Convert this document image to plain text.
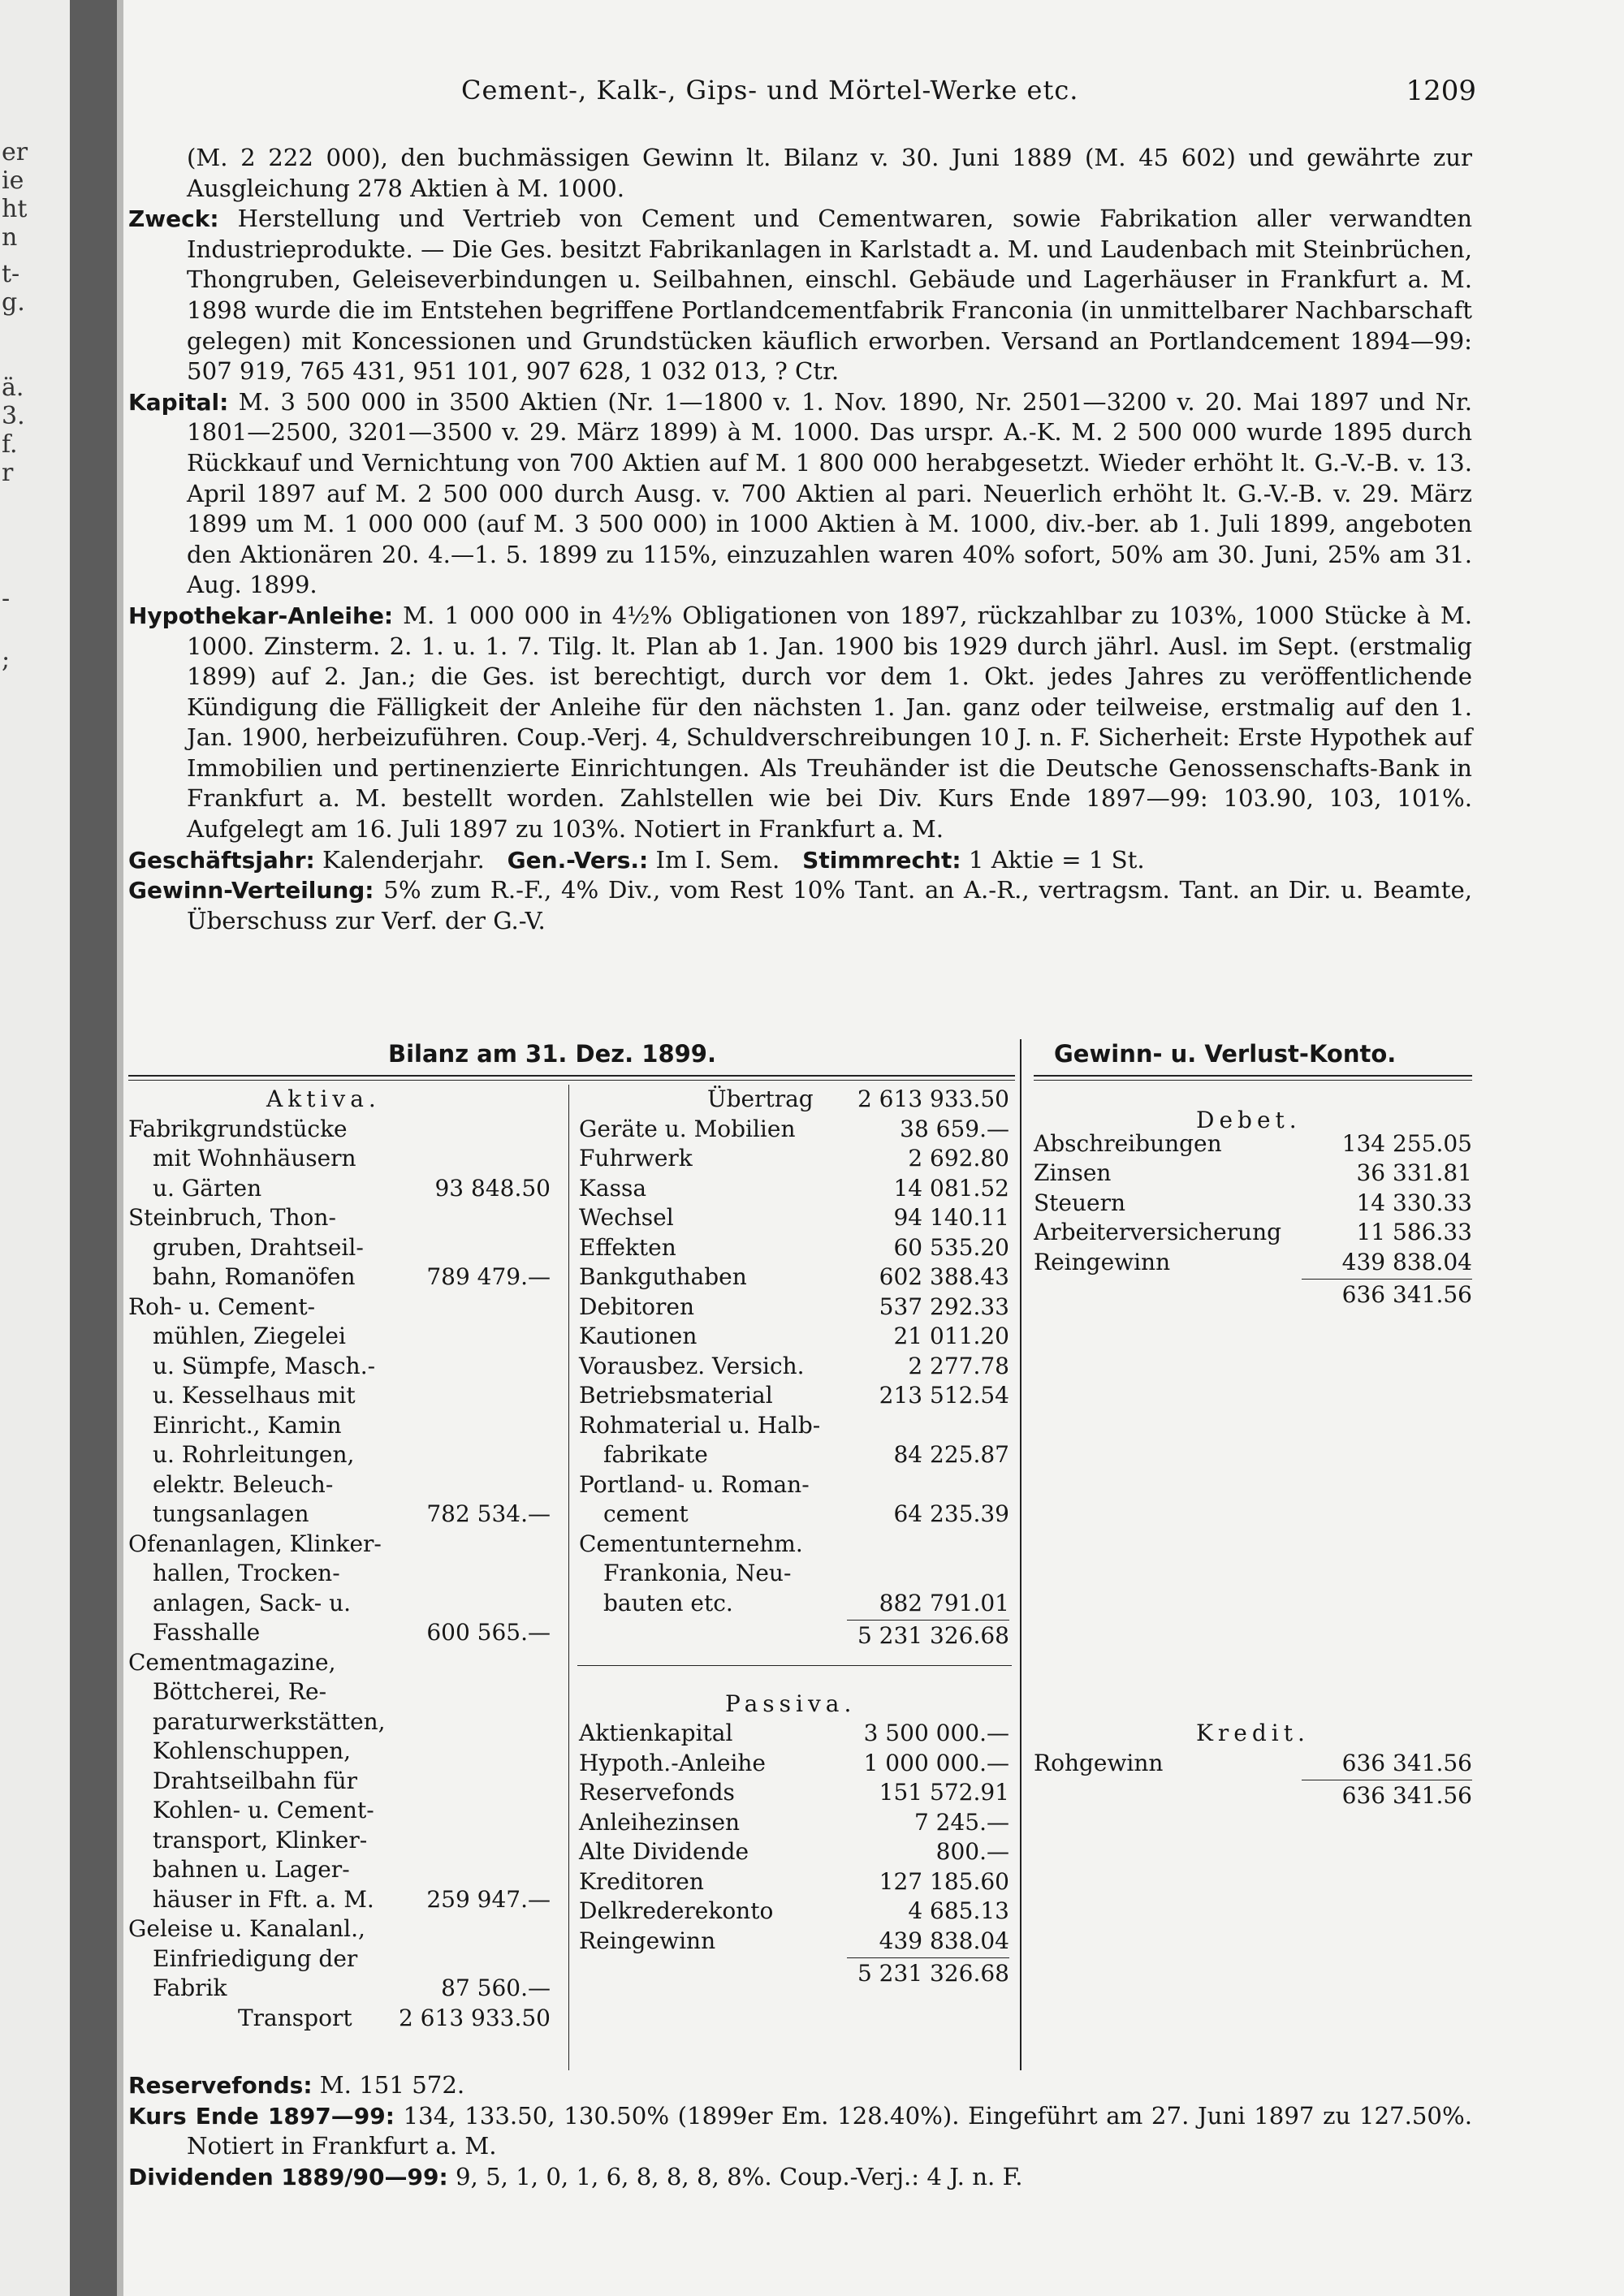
er
ie
ht
n
t-
g.
ä.
3.
f.
r
-
;
Cement-, Kalk-, Gips- und Mörtel-Werke etc.	1209

(M. 2 222 000), den buchmässigen Gewinn lt. Bilanz v. 30. Juni 1889 (M. 45 602) und gewährte zur Ausgleichung 278 Aktien à M. 1000.

Zweck: Herstellung und Vertrieb von Cement und Cementwaren, sowie Fabrikation aller verwandten Industrieprodukte. — Die Ges. besitzt Fabrikanlagen in Karlstadt a. M. und Laudenbach mit Steinbrüchen, Thongruben, Geleiseverbindungen u. Seilbahnen, einschl. Gebäude und Lagerhäuser in Frankfurt a. M. 1898 wurde die im Entstehen begriffene Portlandcementfabrik Franconia (in unmittelbarer Nachbarschaft gelegen) mit Koncessionen und Grundstücken käuflich erworben. Versand an Portlandcement 1894—99: 507 919, 765 431, 951 101, 907 628, 1 032 013, ? Ctr.

Kapital: M. 3 500 000 in 3500 Aktien (Nr. 1—1800 v. 1. Nov. 1890, Nr. 2501—3200 v. 20. Mai 1897 und Nr. 1801—2500, 3201—3500 v. 29. März 1899) à M. 1000. Das urspr. A.-K. M. 2 500 000 wurde 1895 durch Rückkauf und Vernichtung von 700 Aktien auf M. 1 800 000 herabgesetzt. Wieder erhöht lt. G.-V.-B. v. 13. April 1897 auf M. 2 500 000 durch Ausg. v. 700 Aktien al pari. Neuerlich erhöht lt. G.-V.-B. v. 29. März 1899 um M. 1 000 000 (auf M. 3 500 000) in 1000 Aktien à M. 1000, div.-ber. ab 1. Juli 1899, angeboten den Aktionären 20. 4.—1. 5. 1899 zu 115%, einzuzahlen waren 40% sofort, 50% am 30. Juni, 25% am 31. Aug. 1899.

Hypothekar-Anleihe: M. 1 000 000 in 4½% Obligationen von 1897, rückzahlbar zu 103%, 1000 Stücke à M. 1000. Zinsterm. 2. 1. u. 1. 7. Tilg. lt. Plan ab 1. Jan. 1900 bis 1929 durch jährl. Ausl. im Sept. (erstmalig 1899) auf 2. Jan.; die Ges. ist berechtigt, durch vor dem 1. Okt. jedes Jahres zu veröffentlichende Kündigung die Fälligkeit der Anleihe für den nächsten 1. Jan. ganz oder teilweise, erstmalig auf den 1. Jan. 1900, herbeizuführen. Coup.-Verj. 4, Schuldverschreibungen 10 J. n. F. Sicherheit: Erste Hypothek auf Immobilien und pertinenzierte Einrichtungen. Als Treuhänder ist die Deutsche Genossenschafts-Bank in Frankfurt a. M. bestellt worden. Zahlstellen wie bei Div. Kurs Ende 1897—99: 103.90, 103, 101%. Aufgelegt am 16. Juli 1897 zu 103%. Notiert in Frankfurt a. M.

Geschäftsjahr: Kalenderjahr. Gen.-Vers.: Im I. Sem. Stimmrecht: 1 Aktie = 1 St.

Gewinn-Verteilung: 5% zum R.-F., 4% Div., vom Rest 10% Tant. an A.-R., vertragsm. Tant. an Dir. u. Beamte, Überschuss zur Verf. der G.-V.

Bilanz am 31. Dez. 1899.	Gewinn- u. Verlust-Konto.
Aktiva.
Fabrikgrundstücke
mit Wohnhäusern
u. Gärten	93 848.50
Steinbruch, Thon-
gruben, Drahtseil-
bahn, Romanöfen	789 479.—
Roh- u. Cement-
mühlen, Ziegelei
u. Sümpfe, Masch.-
u. Kesselhaus mit
Einricht., Kamin
u. Rohrleitungen,
elektr. Beleuch-
tungsanlagen	782 534.—
Ofenanlagen, Klinker-
hallen, Trocken-
anlagen, Sack- u.
Fasshalle	600 565.—
Cementmagazine,
Böttcherei, Re-
paraturwerkstätten,
Kohlenschuppen,
Drahtseilbahn für
Kohlen- u. Cement-
transport, Klinker-
bahnen u. Lager-
häuser in Fft. a. M. 259 947.—
Geleise u. Kanalanl.,
Einfriedigung der
Fabrik	87 560.—
Transport 2 613 933.50
Übertrag 2 613 933.50
Geräte u. Mobilien	38 659.—
Fuhrwerk	2 692.80
Kassa	14 081.52
Wechsel	94 140.11
Effekten	60 535.20
Bankguthaben	602 388.43
Debitoren	537 292.33
Kautionen	21 011.20
Vorausbez. Versich.	2 277.78
Betriebsmaterial	213 512.54
Rohmaterial u. Halb-
fabrikate	84 225.87
Portland- u. Roman-
cement	64 235.39
Cementunternehm.
Frankonia, Neu-
bauten etc.	882 791.01
5 231 326.68
Passiva.
Aktienkapital	3 500 000.—
Hypoth.-Anleihe	1 000 000.—
Reservefonds	151 572.91
Anleihezinsen	7 245.—
Alte Dividende	800.—
Kreditoren	127 185.60
Delkrederekonto	4 685.13
Reingewinn	439 838.04
5 231 326.68
Debet.
Abschreibungen	134 255.05
Zinsen	36 331.81
Steuern	14 330.33
Arbeiterversicherung	11 586.33
Reingewinn	439 838.04
636 341.56
Kredit.
Rohgewinn	636 341.56
636 341.56

Reservefonds: M. 151 572.

Kurs Ende 1897—99: 134, 133.50, 130.50% (1899er Em. 128.40%). Eingeführt am 27. Juni 1897 zu 127.50%. Notiert in Frankfurt a. M.

Dividenden 1889/90—99: 9, 5, 1, 0, 1, 6, 8, 8, 8, 8%. Coup.-Verj.: 4 J. n. F.
